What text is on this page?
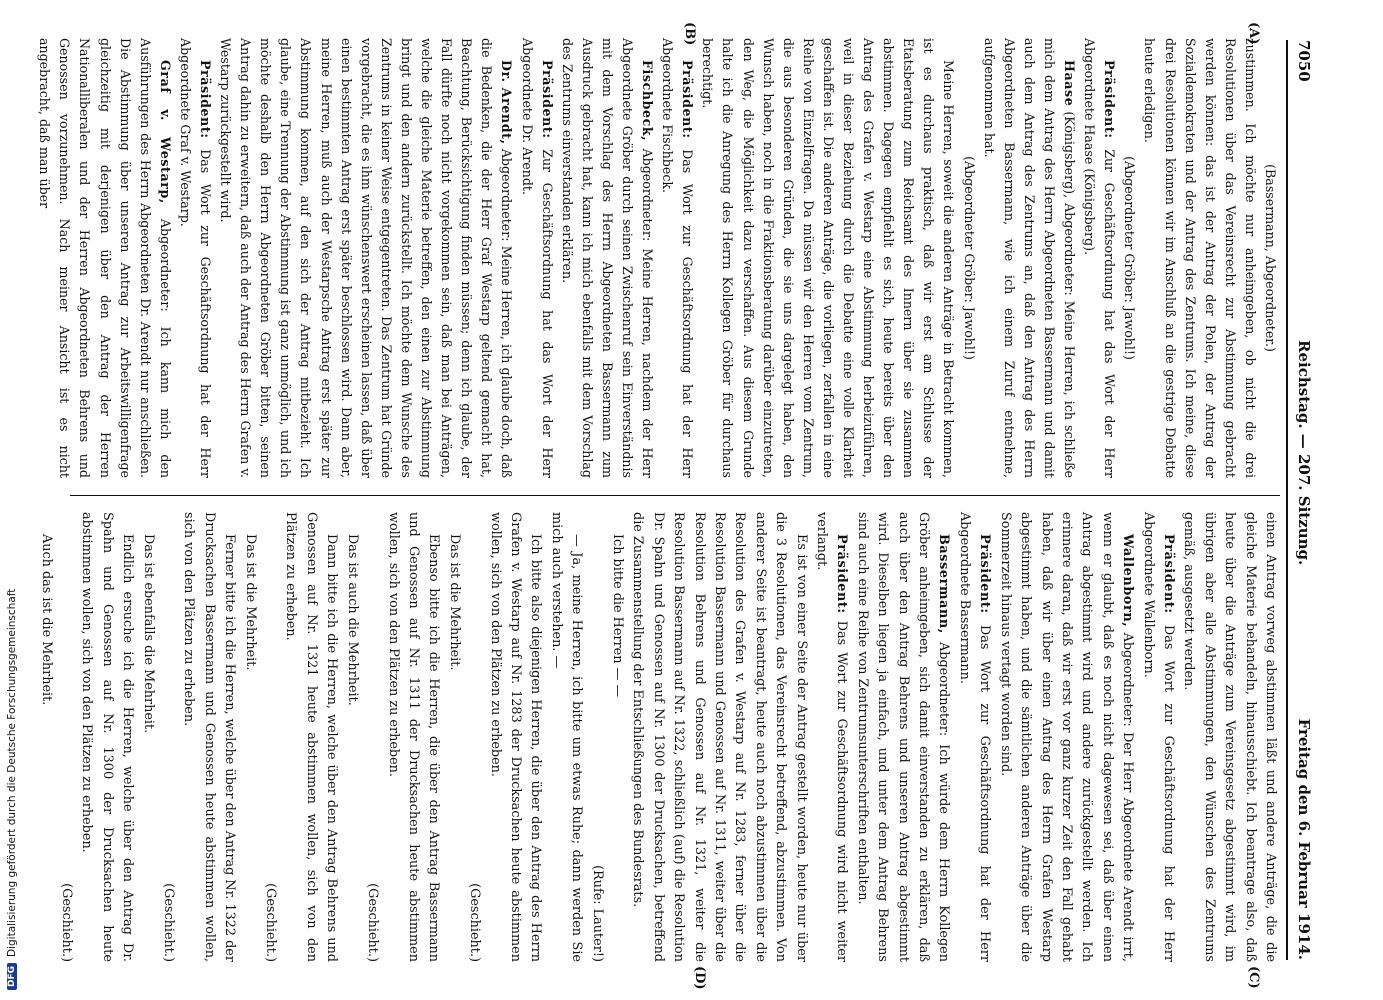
7050
Reichstag. — 207. Sitzung.
Freitag den 6. Februar 1914.
(A)
(B)
(C)
(D)

(Bassermann, Abgeordneter.)

zustimmen. Ich möchte nur anheimgeben, ob nicht die drei Resolutionen über das Vereinsrecht zur Abstimmung gebracht werden können: das ist der Antrag der Polen, der Antrag der Sozialdemokraten und der Antrag des Zentrums. Ich meine, diese drei Resolutionen können wir im Anschluß an die gestrige Debatte heute erledigen.

(Abgeordneter Gröber: Jawohl!)

Präsident: Zur Geschäftsordnung hat das Wort der Herr Abgeordnete Haase (Königsberg).

Haase (Königsberg), Abgeordneter: Meine Herren, ich schließe mich dem Antrag des Herrn Abgeordneten Bassermann und damit auch dem Antrag des Zentrums an, daß den Antrag des Herrn Abgeordneten Bassermann, wie ich einem Zuruf entnehme, aufgenommen hat.

(Abgeordneter Gröber: Jawohl!)

Meine Herren, soweit die anderen Anträge in Betracht kommen, ist es durchaus praktisch, daß wir erst am Schlusse der Etatsberatung zum Reichsamt des Innern über sie zusammen abstimmen. Dagegen empfiehlt es sich, heute bereits über den Antrag des Grafen v. Westarp eine Abstimmung herbeizuführen, weil in dieser Beziehung durch die Debatte eine volle Klarheit geschaffen ist. Die anderen Anträge, die vorliegen, zerfallen in eine Reihe von Einzelfragen. Da müssen wir den Herren vom Zentrum, die aus besonderen Gründen, die sie uns dargelegt haben, den Wunsch haben, noch in die Fraktionsberatung darüber einzutreten, den Weg, die Möglichkeit dazu verschaffen. Aus diesem Grunde halte ich die Anregung des Herrn Kollegen Gröber für durchaus berechtigt.

Präsident: Das Wort zur Geschäftsordnung hat der Herr Abgeordnete Fischbeck.

Fischbeck, Abgeordneter: Meine Herren, nachdem der Herr Abgeordnete Gröber durch seinen Zwischenruf sein Einverständnis mit dem Vorschlag des Herrn Abgeordneten Bassermann zum Ausdruck gebracht hat, kann ich mich ebenfalls mit dem Vorschlag des Zentrums einverstanden erklären.

Präsident: Zur Geschäftsordnung hat das Wort der Herr Abgeordnete Dr. Arendt.

Dr. Arendt, Abgeordneter: Meine Herren, ich glaube doch, daß die Bedenken, die der Herr Graf Westarp geltend gemacht hat, Beachtung, Berücksichtigung finden müssen; denn ich glaube, der Fall dürfte noch nicht vorgekommen sein, daß man bei Anträgen, welche die gleiche Materie betreffen, den einen zur Abstimmung bringt und den andern zurückstellt. Ich möchte dem Wunsche des Zentrums in keiner Weise entgegentreten. Das Zentrum hat Gründe vorgebracht, die es ihm wünschenswert erscheinen lassen, daß über einen bestimmten Antrag erst später beschlossen wird. Dann aber, meine Herren, muß auch der Westarpsche Antrag erst später zur Abstimmung kommen, auf den sich der Antrag mitbezieht. Ich glaube, eine Trennung der Abstimmung ist ganz unmöglich, und ich möchte deshalb den Herrn Abgeordneten Gröber bitten, seinen Antrag dahin zu erweitern, daß auch der Antrag des Herrn Grafen v. Westarp zurückgestellt wird.

Präsident: Das Wort zur Geschäftsordnung hat der Herr Abgeordnete Graf v. Westarp.

Graf v. Westarp, Abgeordneter: Ich kann mich den Ausführungen des Herrn Abgeordneten Dr. Arendt nur anschließen. Die Abstimmung über unseren Antrag zur Arbeitswilligenfrage gleichzeitig mit derjenigen über den Antrag der Herren Nationalliberalen und der Herren Abgeordneten Behrens und Genossen vorzunehmen. Nach meiner Ansicht ist es nicht angebracht, daß man über

einen Antrag vorweg abstimmen läßt und andere Anträge, die die gleiche Materie behandeln, hinausschiebt. Ich beantrage also, daß heute über die Anträge zum Vereinsgesetz abgestimmt wird, im übrigen aber alle Abstimmungen, den Wünschen des Zentrums gemäß, ausgesetzt werden.

Präsident: Das Wort zur Geschäftsordnung hat der Herr Abgeordnete Wallenborn.

Wallenborn, Abgeordneter: Der Herr Abgeordnete Arendt irrt, wenn er glaubt, daß es noch nicht dagewesen sei, daß über einen Antrag abgestimmt wird und andere zurückgestellt werden. Ich erinnere daran, daß wir erst vor ganz kurzer Zeit den Fall gehabt haben, daß wir über einen Antrag des Herrn Grafen Westarp abgestimmt haben, und die sämtlichen anderen Anträge über die Sommerzeit hinaus vertagt worden sind.

Präsident: Das Wort zur Geschäftsordnung hat der Herr Abgeordnete Bassermann.

Bassermann, Abgeordneter: Ich würde dem Herrn Kollegen Gröber anheimgeben, sich damit einverstanden zu erklären, daß auch über den Antrag Behrens und unseren Antrag abgestimmt wird. Dieselben liegen ja einfach, und unter dem Antrag Behrens sind auch eine Reihe von Zentrumsunterschriften enthalten.

Präsident: Das Wort zur Geschäftsordnung wird nicht weiter verlangt.

Es ist von einer Seite der Antrag gestellt worden, heute nur über die 3 Resolutionen, das Vereinsrecht betreffend, abzustimmen. Von anderer Seite ist beantragt, heute auch noch abzustimmen über die Resolution des Grafen v. Westarp auf Nr. 1283, ferner über die Resolution Bassermann und Genossen auf Nr. 1311, weiter über die Resolution Behrens und Genossen auf Nr. 1321, weiter die Resolution Bassermann auf Nr. 1322, schließlich (auf) die Resolution Dr. Spahn und Genossen auf Nr. 1300 der Drucksachen, betreffend die Zusammenstellung der Entschließungen des Bundesrats.

Ich bitte die Herren — —

(Rufe: Lauter!)

— Ja, meine Herren, ich bitte um etwas Ruhe; dann werden Sie mich auch verstehen. —

Ich bitte also diejenigen Herren, die über den Antrag des Herrn Grafen v. Westarp auf Nr. 1283 der Drucksachen heute abstimmen wollen, sich von den Plätzen zu erheben.

(Geschieht.)

Das ist die Mehrheit.

Ebenso bitte ich die Herren, die über den Antrag Bassermann und Genossen auf Nr. 1311 der Drucksachen heute abstimmen wollen, sich von den Plätzen zu erheben.

(Geschieht.)

Das ist auch die Mehrheit.

Dann bitte ich die Herren, welche über den Antrag Behrens und Genossen auf Nr. 1321 heute abstimmen wollen, sich von den Plätzen zu erheben.

(Geschieht.)

Das ist die Mehrheit.

Ferner bitte ich die Herren, welche über den Antrag Nr. 1322 der Drucksachen Bassermann und Genossen heute abstimmen wollen, sich von den Plätzen zu erheben.

(Geschieht.)

Das ist ebenfalls die Mehrheit.

Endlich ersuche ich die Herren, welche über den Antrag Dr. Spahn und Genossen auf Nr. 1300 der Drucksachen heute abstimmen wollen, sich von den Plätzen zu erheben.

(Geschieht.)

Auch das ist die Mehrheit.

DFG
Digitalisierung gefördert durch die Deutsche Forschungsgemeinschaft
